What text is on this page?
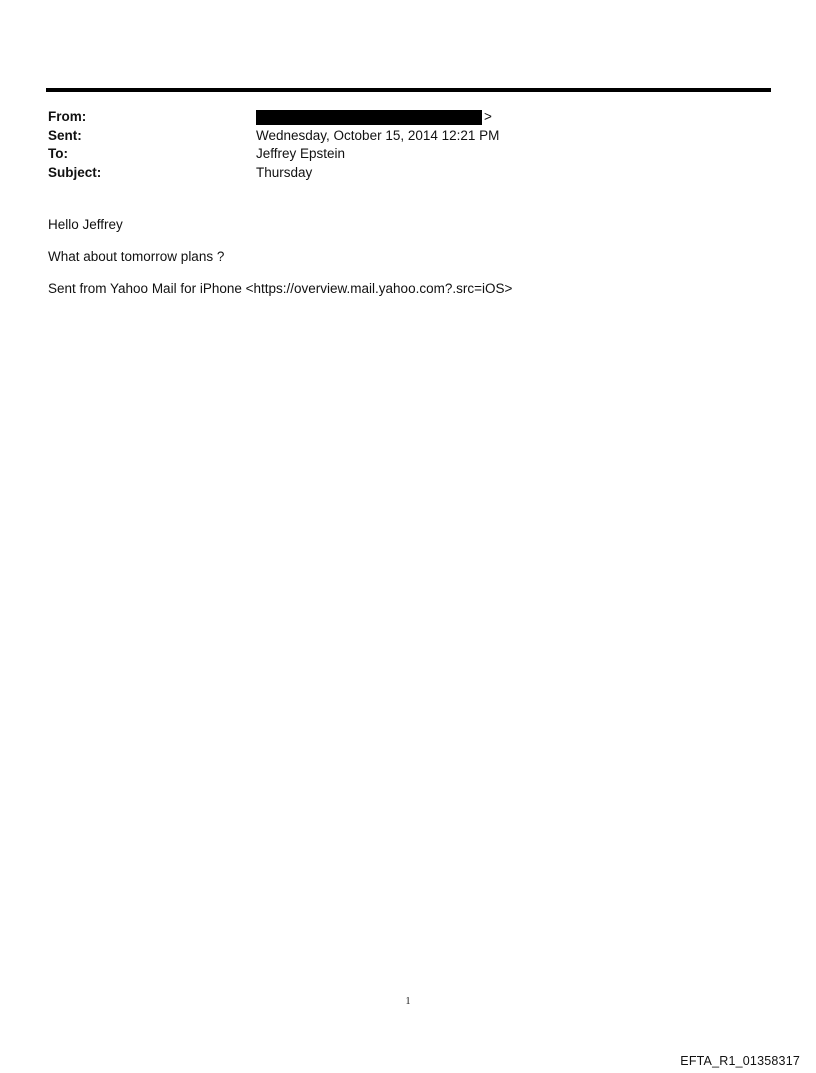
From:	>
Sent:	Wednesday, October 15, 2014 12:21 PM
To:	Jeffrey Epstein
Subject:	Thursday

Hello Jeffrey

What about tomorrow plans ?

Sent from Yahoo Mail for iPhone <https://overview.mail.yahoo.com?.src=iOS>

1
EFTA_R1_01358317
